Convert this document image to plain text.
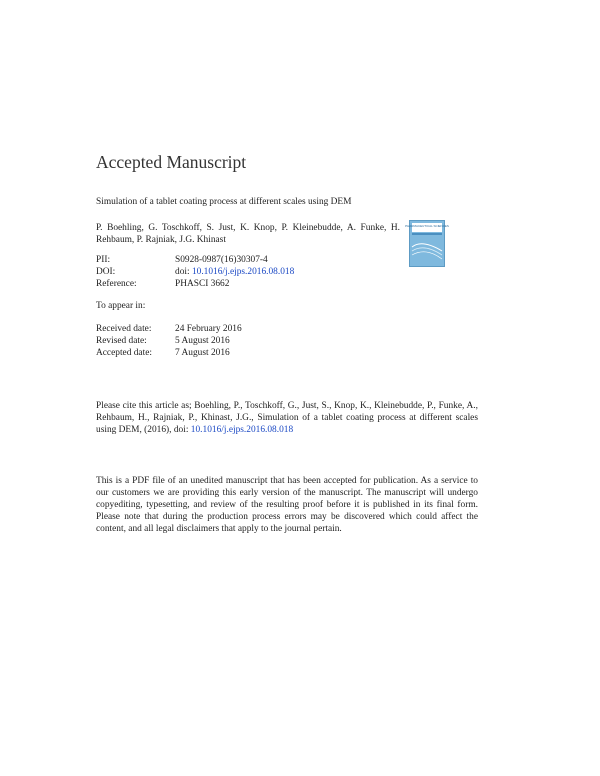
Accepted Manuscript
Simulation of a tablet coating process at different scales using DEM
P. Boehling, G. Toschkoff, S. Just, K. Knop, P. Kleinebudde, A. Funke, H. Rehbaum, P. Rajniak, J.G. Khinast
PHARMACEUTICAL SCIENCES
PII:	S0928-0987(16)30307-4
DOI:	doi: 10.1016/j.ejps.2016.08.018
Reference:	PHASCI 3662
To appear in:
Received date:	24 February 2016
Revised date:	5 August 2016
Accepted date:	7 August 2016
Please cite this article as; Boehling, P., Toschkoff, G., Just, S., Knop, K., Kleinebudde, P., Funke, A., Rehbaum, H., Rajniak, P., Khinast, J.G., Simulation of a tablet coating process at different scales using DEM, (2016), doi: 10.1016/j.ejps.2016.08.018
This is a PDF file of an unedited manuscript that has been accepted for publication. As a service to our customers we are providing this early version of the manuscript. The manuscript will undergo copyediting, typesetting, and review of the resulting proof before it is published in its final form. Please note that during the production process errors may be discovered which could affect the content, and all legal disclaimers that apply to the journal pertain.
